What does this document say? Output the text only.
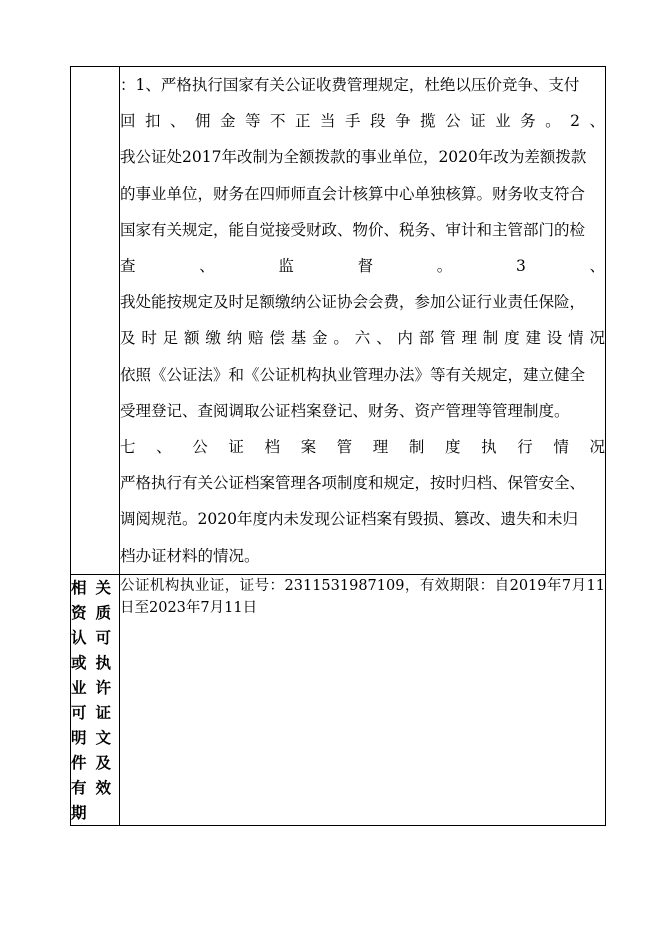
：1、严格执行国家有关公证收费管理规定，杜绝以压价竞争、支付
回扣、佣金等不正当手段争揽公证业务。2、
我公证处2017年改制为全额拨款的事业单位，2020年改为差额拨款
的事业单位，财务在四师师直会计核算中心单独核算。财务收支符合
国家有关规定，能自觉接受财政、物价、税务、审计和主管部门的检
查、监督。3、
我处能按规定及时足额缴纳公证协会会费，参加公证行业责任保险，
及时足额缴纳赔偿基金。六、内部管理制度建设情况
依照《公证法》和《公证机构执业管理办法》等有关规定，建立健全
受理登记、查阅调取公证档案登记、财务、资产管理等管理制度。
七、公证档案管理制度执行情况
严格执行有关公证档案管理各项制度和规定，按时归档、保管安全、
调阅规范。2020年度内未发现公证档案有毁损、篡改、遗失和未归
档办证材料的情况。

相关资质认可或执业许可证明文件及有效期	公证机构执业证，证号：2311531987109，有效期限：自2019年7月11日至2023年7月11日
